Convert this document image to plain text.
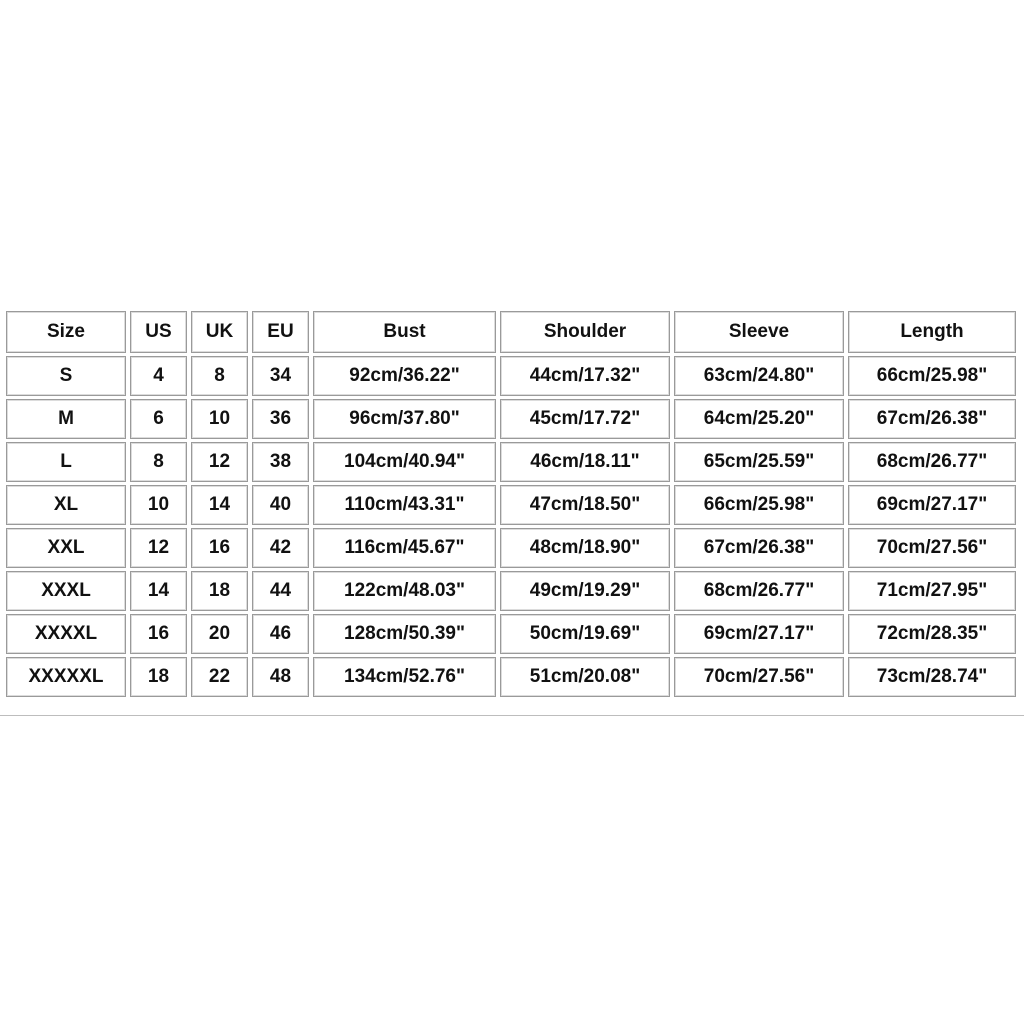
Size	US	UK	EU	Bust	Shoulder	Sleeve	Length
S	4	8	34	92cm/36.22"	44cm/17.32"	63cm/24.80"	66cm/25.98"
M	6	10	36	96cm/37.80"	45cm/17.72"	64cm/25.20"	67cm/26.38"
L	8	12	38	104cm/40.94"	46cm/18.11"	65cm/25.59"	68cm/26.77"
XL	10	14	40	110cm/43.31"	47cm/18.50"	66cm/25.98"	69cm/27.17"
XXL	12	16	42	116cm/45.67"	48cm/18.90"	67cm/26.38"	70cm/27.56"
XXXL	14	18	44	122cm/48.03"	49cm/19.29"	68cm/26.77"	71cm/27.95"
XXXXL	16	20	46	128cm/50.39"	50cm/19.69"	69cm/27.17"	72cm/28.35"
XXXXXL	18	22	48	134cm/52.76"	51cm/20.08"	70cm/27.56"	73cm/28.74"
